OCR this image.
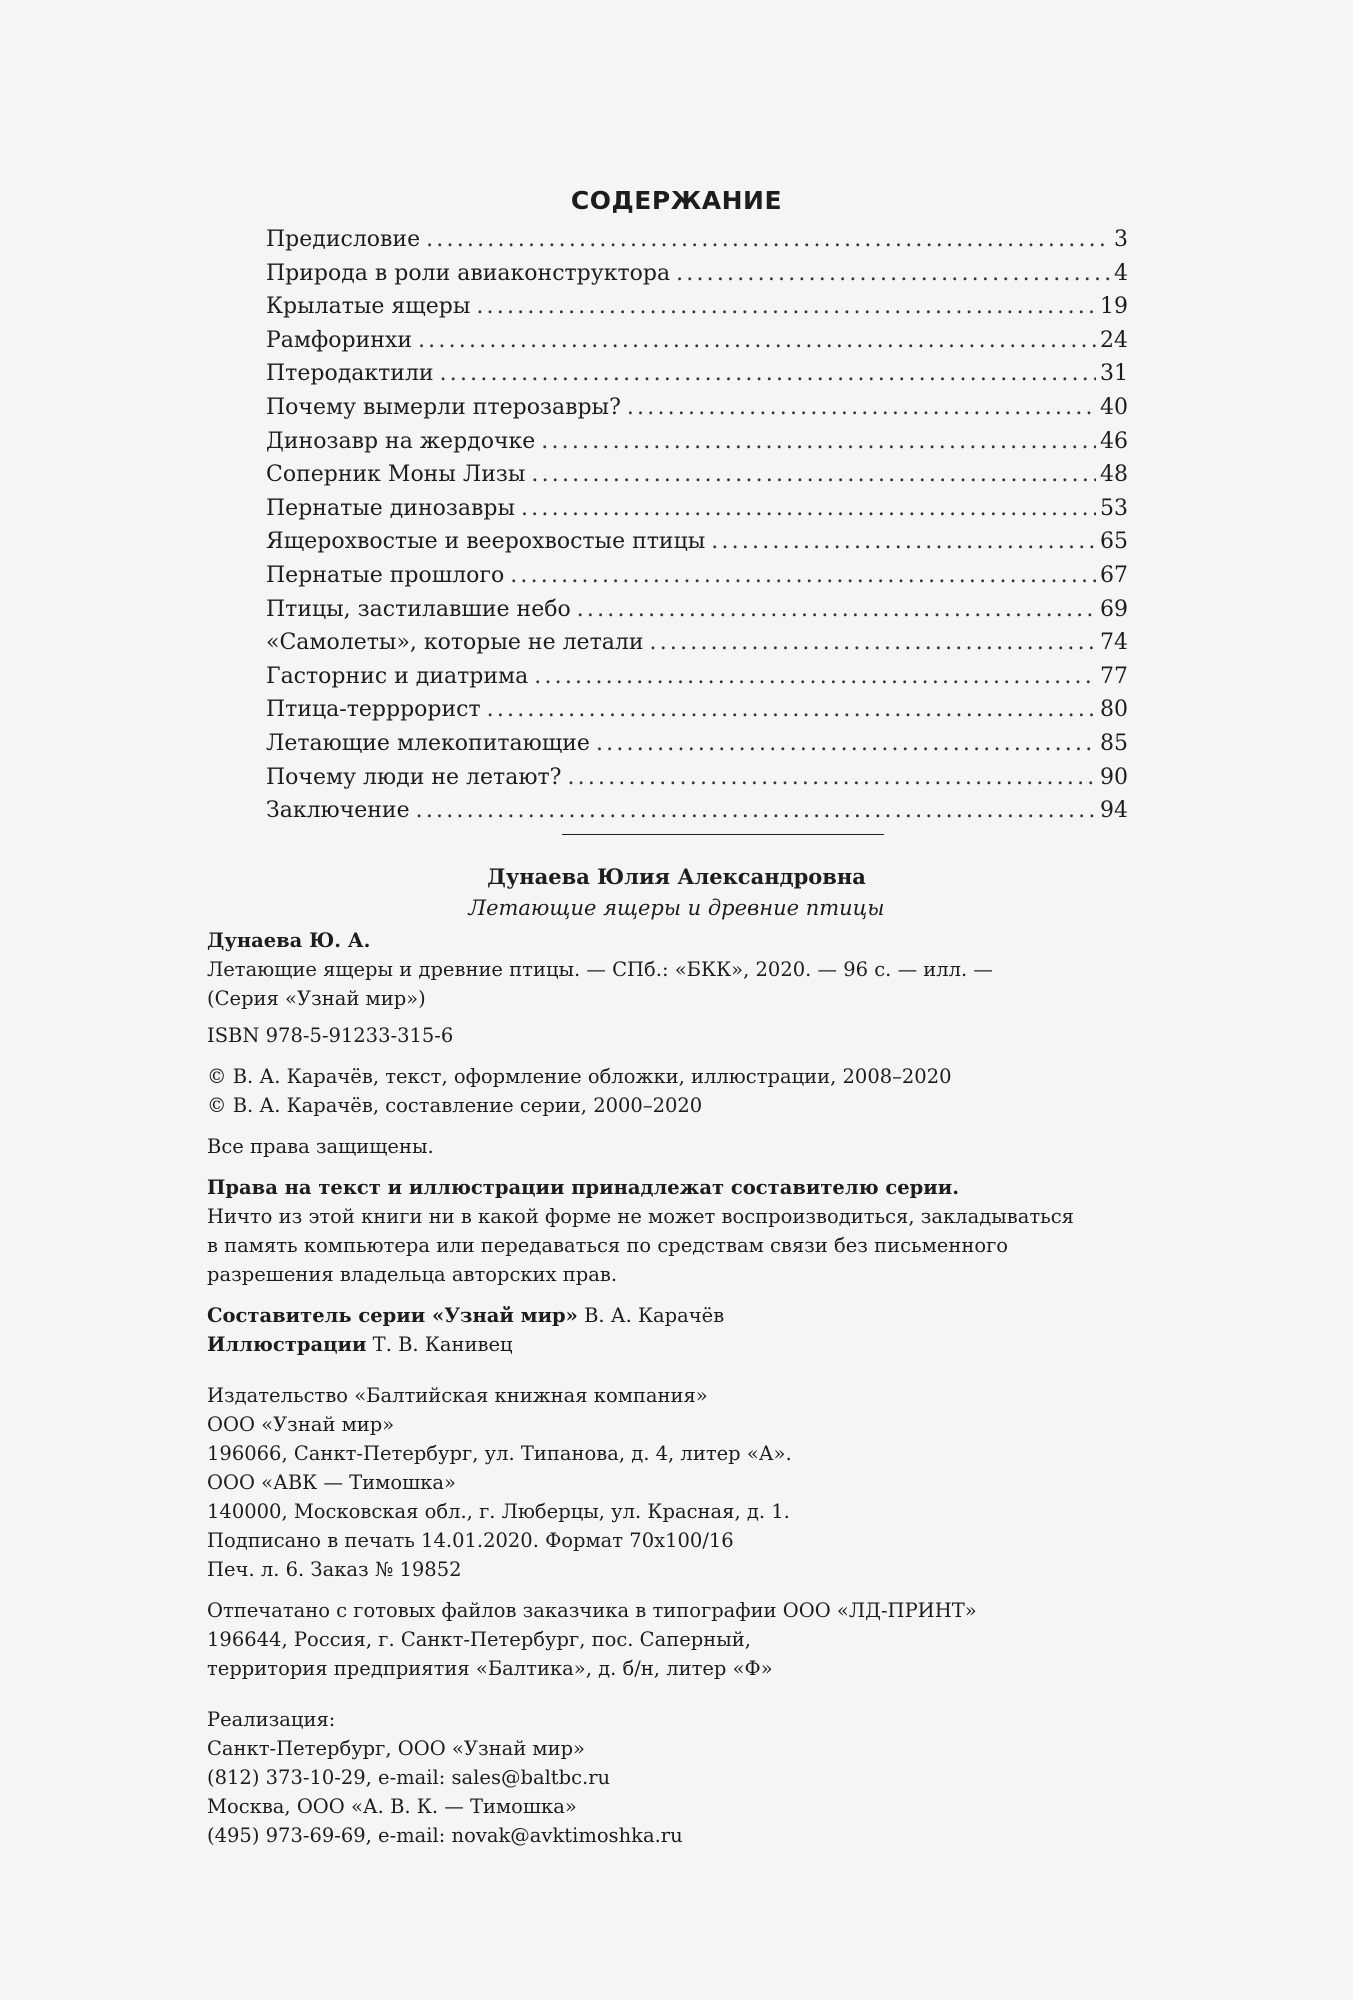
СОДЕРЖАНИЕ
Предисловие .....	3
Природа в роли авиаконструктора .....	4
Крылатые ящеры .....	19
Рамфоринхи .....	24
Птеродактили .....	31
Почему вымерли птерозавры? .....	40
Динозавр на жердочке .....	46
Соперник Моны Лизы .....	48
Пернатые динозавры .....	53
Ящерохвостые и веерохвостые птицы .....	65
Пернатые прошлого .....	67
Птицы, застилавшие небо .....	69
«Самолеты», которые не летали .....	74
Гасторнис и диатрима .....	77
Птица-терррорист .....	80
Летающие млекопитающие .....	85
Почему люди не летают? .....	90
Заключение .....	94
Дунаева Юлия Александровна
Летающие ящеры и древние птицы

Дунаева Ю. А.

Летающие ящеры и древние птицы. — СПб.: «БКК», 2020. — 96 с. — илл. —

(Серия «Узнай мир»)

ISBN 978-5-91233-315-6

© В. А. Карачёв, текст, оформление обложки, иллюстрации, 2008–2020

© В. А. Карачёв, составление серии, 2000–2020

Все права защищены.

Права на текст и иллюстрации принадлежат составителю серии.

Ничто из этой книги ни в какой форме не может воспроизводиться, закладываться

в память компьютера или передаваться по средствам связи без письменного

разрешения владельца авторских прав.

Составитель серии «Узнай мир» В. А. Карачёв

Иллюстрации Т. В. Канивец

Издательство «Балтийская книжная компания»

ООО «Узнай мир»

196066, Санкт-Петербург, ул. Типанова, д. 4, литер «А».

ООО «АВК — Тимошка»

140000, Московская обл., г. Люберцы, ул. Красная, д. 1.

Подписано в печать 14.01.2020. Формат 70х100/16

Печ. л. 6. Заказ № 19852

Отпечатано с готовых файлов заказчика в типографии ООО «ЛД-ПРИНТ»

196644, Россия, г. Санкт-Петербург, пос. Саперный,

территория предприятия «Балтика», д. б/н, литер «Ф»

Реализация:

Санкт-Петербург, ООО «Узнай мир»

(812) 373-10-29, e-mail: sales@baltbc.ru

Москва, ООО «А. В. К. — Тимошка»

(495) 973-69-69, e-mail: novak@avktimoshka.ru
